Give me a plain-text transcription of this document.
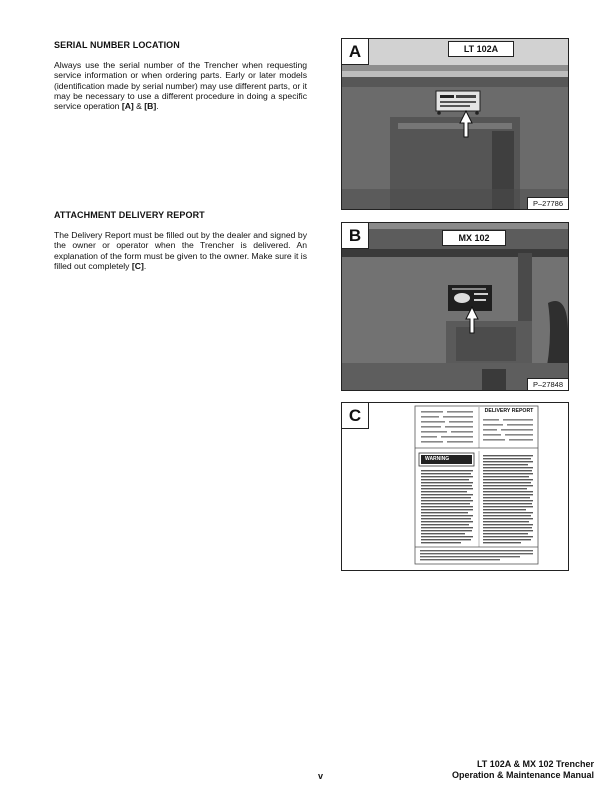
SERIAL NUMBER LOCATION
Always use the serial number of the Trencher when requesting service information or when ordering parts. Early or later models (identification made by serial number) may use different parts, or it may be necessary to use a different procedure in doing a specific service operation [A] & [B].
ATTACHMENT DELIVERY REPORT
The Delivery Report must be filled out by the dealer and signed by the owner or operator when the Trencher is delivered. An explanation of the form must be given to the owner. Make sure it is filled out completely [C].
A	LT 102A
P–27786
B	MX 102
P–27848
C	DELIVERY REPORT
WARNING
v
LT 102A & MX 102 Trencher
Operation & Maintenance Manual
